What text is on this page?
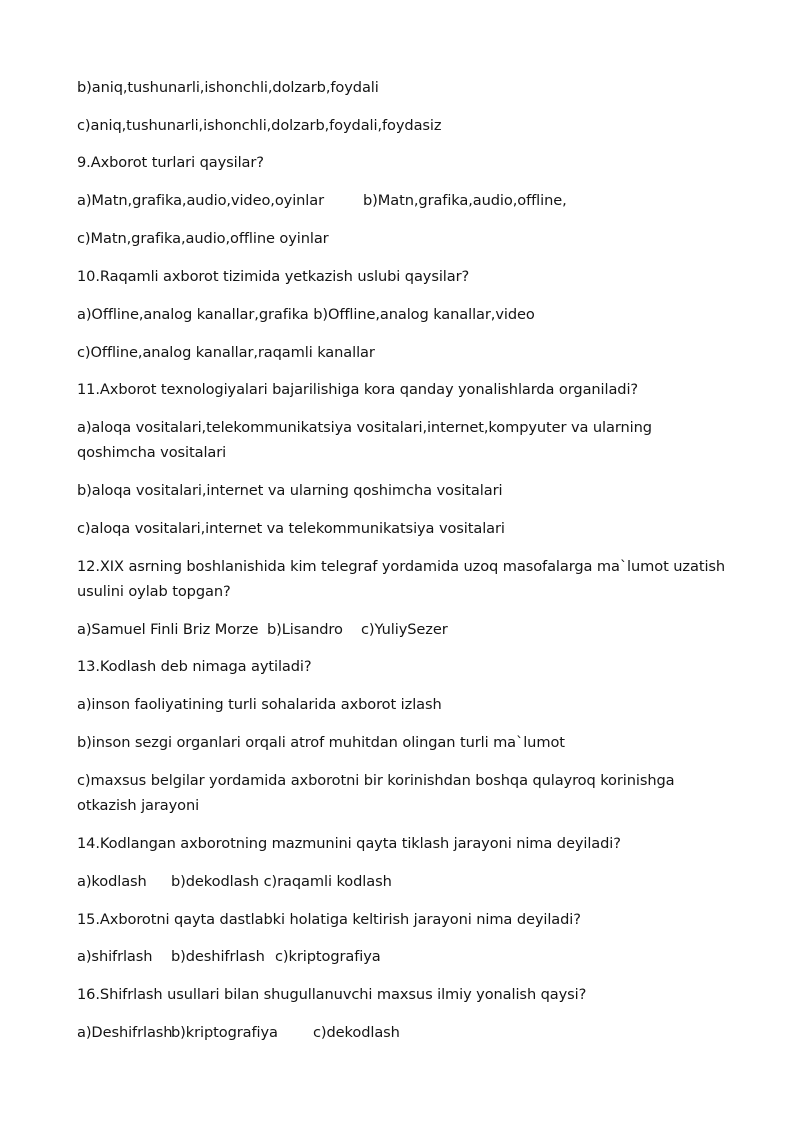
b)aniq,tushunarli,ishonchli,dolzarb,foydali

c)aniq,tushunarli,ishonchli,dolzarb,foydali,foydasiz

9.Axborot turlari qaysilar?

a)Matn,grafika,audio,video,oyinlar	b)Matn,grafika,audio,offline,

c)Matn,grafika,audio,offline oyinlar

10.Raqamli axborot tizimida yetkazish uslubi qaysilar?

a)Offline,analog kanallar,grafika b)Offline,analog kanallar,video

c)Offline,analog kanallar,raqamli kanallar

11.Axborot texnologiyalari bajarilishiga kora qanday yonalishlarda organiladi?

a)aloqa vositalari,telekommunikatsiya vositalari,internet,kompyuter va ularning qoshimcha vositalari

b)aloqa vositalari,internet va ularning qoshimcha vositalari

c)aloqa vositalari,internet va telekommunikatsiya vositalari

12.XIX asrning boshlanishida kim telegraf yordamida uzoq masofalarga ma`lumot uzatish usulini oylab topgan?

a)Samuel Finli Briz Morze b)Lisandro c)YuliySezer

13.Kodlash deb nimaga aytiladi?

a)inson faoliyatining turli sohalarida axborot izlash

b)inson sezgi organlari orqali atrof muhitdan olingan turli ma`lumot

c)maxsus belgilar yordamida axborotni bir korinishdan boshqa qulayroq korinishga otkazish jarayoni

14.Kodlangan axborotning mazmunini qayta tiklash jarayoni nima deyiladi?

a)kodlash b)dekodlash c)raqamli kodlash

15.Axborotni qayta dastlabki holatiga keltirish jarayoni nima deyiladi?

a)shifrlash b)deshifrlash c)kriptografiya

16.Shifrlash usullari bilan shugullanuvchi maxsus ilmiy yonalish qaysi?

a)Deshifrlash
b)kriptografiya c)dekodlash
